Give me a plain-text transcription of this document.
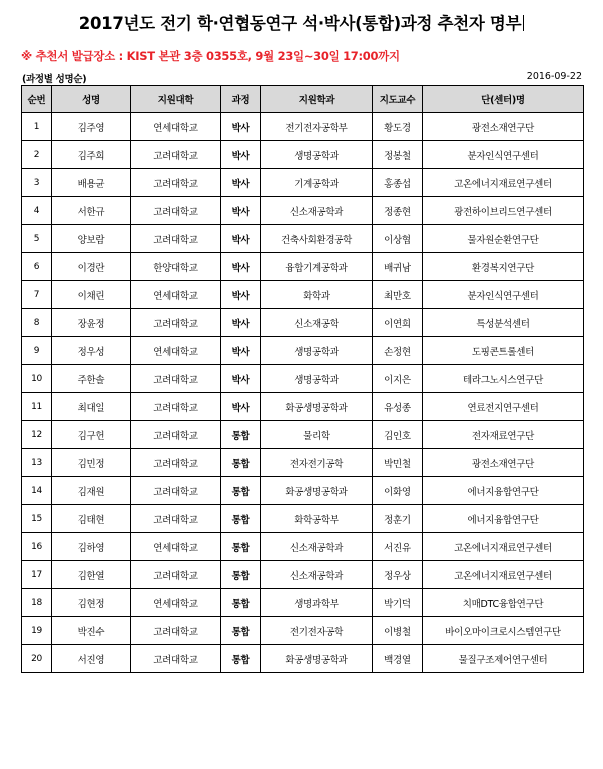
2017년도 전기 학·연협동연구 석·박사(통합)과정 추천자 명부
※ 추천서 발급장소 : KIST 본관 3층 0355호, 9월 23일~30일 17:00까지
(과정별 성명순)	2016-09-22
순번	성명	지원대학	과정	지원학과	지도교수	단(센터)명
1	김주영	연세대학교	박사	전기전자공학부	황도경	광전소재연구단
2	김주희	고려대학교	박사	생명공학과	정봉철	분자인식연구센터
3	배용균	고려대학교	박사	기계공학과	홍종섭	고온에너지재료연구센터
4	서한규	고려대학교	박사	신소재공학과	정종현	광전하이브리드연구센터
5	양보람	고려대학교	박사	건축사회환경공학	이상협	물자원순환연구단
6	이경란	한양대학교	박사	융합기계공학과	배귀남	환경복지연구단
7	이채린	연세대학교	박사	화학과	최만호	분자인식연구센터
8	장윤정	고려대학교	박사	신소재공학	이연희	특성분석센터
9	정우성	연세대학교	박사	생명공학과	손정현	도핑콘트롤센터
10	주한솔	고려대학교	박사	생명공학과	이지은	테라그노시스연구단
11	최대일	고려대학교	박사	화공생명공학과	유성종	연료전지연구센터
12	김구헌	고려대학교	통합	물리학	김인호	전자재료연구단
13	김민정	고려대학교	통합	전자전기공학	박민철	광전소재연구단
14	김재원	고려대학교	통합	화공생명공학과	이화영	에너지융합연구단
15	김태현	고려대학교	통합	화학공학부	정훈기	에너지융합연구단
16	김하영	연세대학교	통합	신소재공학과	서진유	고온에너지재료연구센터
17	김한열	고려대학교	통합	신소재공학과	정우상	고온에너지재료연구센터
18	김현정	연세대학교	통합	생명과학부	박기덕	치매DTC융합연구단
19	박진수	고려대학교	통합	전기전자공학	이병철	바이오마이크로시스템연구단
20	서진영	고려대학교	통합	화공생명공학과	백경열	물질구조제어연구센터
